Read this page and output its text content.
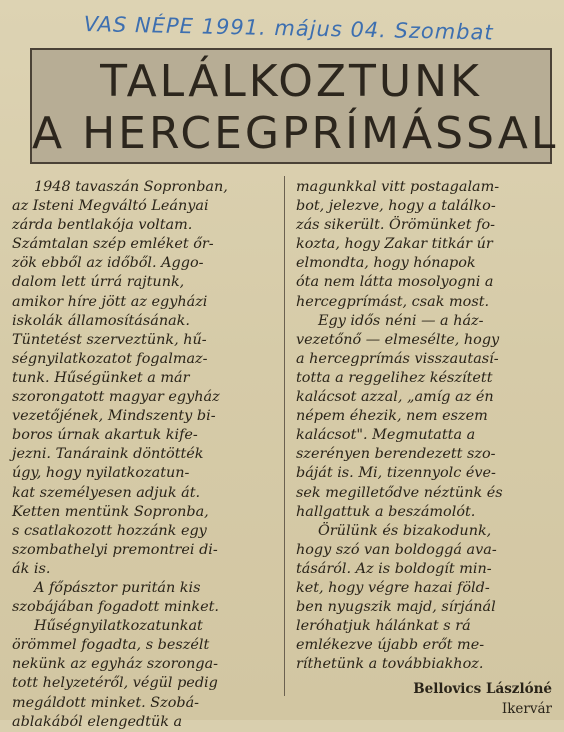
VAS NÉPE 1991. május 04. Szombat
TALÁLKOZTUNK
A HERCEGPRÍMÁSSAL
1948 tavaszán Sopronban,
az Isteni Megváltó Leányai
zárda bentlakója voltam.
Számtalan szép emléket őr-
zök ebből az időből. Aggo-
dalom lett úrrá rajtunk,
amikor híre jött az egyházi
iskolák államosításának.
Tüntetést szerveztünk, hű-
ségnyilatkozatot fogalmaz-
tunk. Hűségünket a már
szorongatott magyar egyház
vezetőjének, Mindszenty bi-
boros úrnak akartuk kife-
jezni. Tanáraink döntötték
úgy, hogy nyilatkozatun-
kat személyesen adjuk át.
Ketten mentünk Sopronba,
s csatlakozott hozzánk egy
szombathelyi premontrei di-
ák is.
A főpásztor puritán kis
szobájában fogadott minket.
Hűségnyilatkozatunkat
örömmel fogadta, s beszélt
nekünk az egyház szoronga-
tott helyzetéről, végül pedig
megáldott minket. Szobá-
ablakából elengedtük a
magunkkal vitt postagalam-
bot, jelezve, hogy a találko-
zás sikerült. Örömünket fo-
kozta, hogy Zakar titkár úr
elmondta, hogy hónapok
óta nem látta mosolyogni a
hercegprímást, csak most.
Egy idős néni — a ház-
vezetőnő — elmesélte, hogy
a hercegprímás visszautasí-
totta a reggelihez készített
kalácsot azzal, „amíg az én
népem éhezik, nem eszem
kalácsot". Megmutatta a
szerényen berendezett szo-
báját is. Mi, tizennyolc éve-
sek megilletődve néztünk és
hallgattuk a beszámolót.
Örülünk és bizakodunk,
hogy szó van boldoggá ava-
tásáról. Az is boldogít min-
ket, hogy végre hazai föld-
ben nyugszik majd, sírjánál
leróhatjuk hálánkat s rá
emlékezve újabb erőt me-
ríthetünk a továbbiakhoz.
Bellovics Lászlóné
Ikervár
